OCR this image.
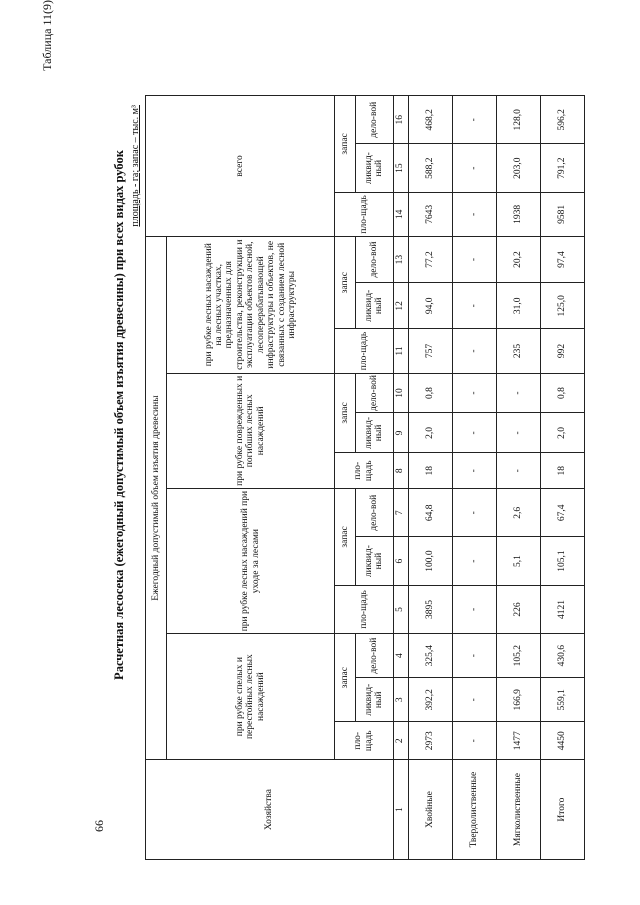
66
Таблица 11(9)
Расчетная лесосека (ежегодный допустимый объем изъятия древесины) при всех видах рубок площадь - га; запас – тыс. м³
Хозяйства	Ежегодный допустимый объем изъятия древесины												всего		
	при рубке спелых и перестойных лесных насаждений			при рубке лесных насаждений при уходе за лесами			при рубке поврежденных и погибших лесных насаждений			при рубке лесных насаждений на лесных участках, предназначенных для строительства, реконструкции и эксплуатации объектов лесной, лесоперерабатывающей инфраструктуры и объектов, не связанных с созданием лесной инфраструктуры					
	пло-щадь	запас		пло-щадь	запас		пло-щадь	запас		пло-щадь	запас		пло-щадь	запас	
		ликвид-ный	дело-вой		ликвид-ный	дело-вой		ликвид-ный	дело-вой		ликвид-ный	дело-вой		ликвид-ный	дело-вой
1	2	3	4	5	6	7	8	9	10	11	12	13	14	15	16
Хвойные	2973	392,2	325,4	3895	100,0	64,8	18	2,0	0,8	757	94,0	77,2	7643	588,2	468,2
Твердолиственные	-	-	-	-	-	-	-	-	-	-	-	-	-	-	-
Мягколиственные	1477	166,9	105,2	226	5,1	2,6	-	-	-	235	31,0	20,2	1938	203,0	128,0
Итого	4450	559,1	430,6	4121	105,1	67,4	18	2,0	0,8	992	125,0	97,4	9581	791,2	596,2
